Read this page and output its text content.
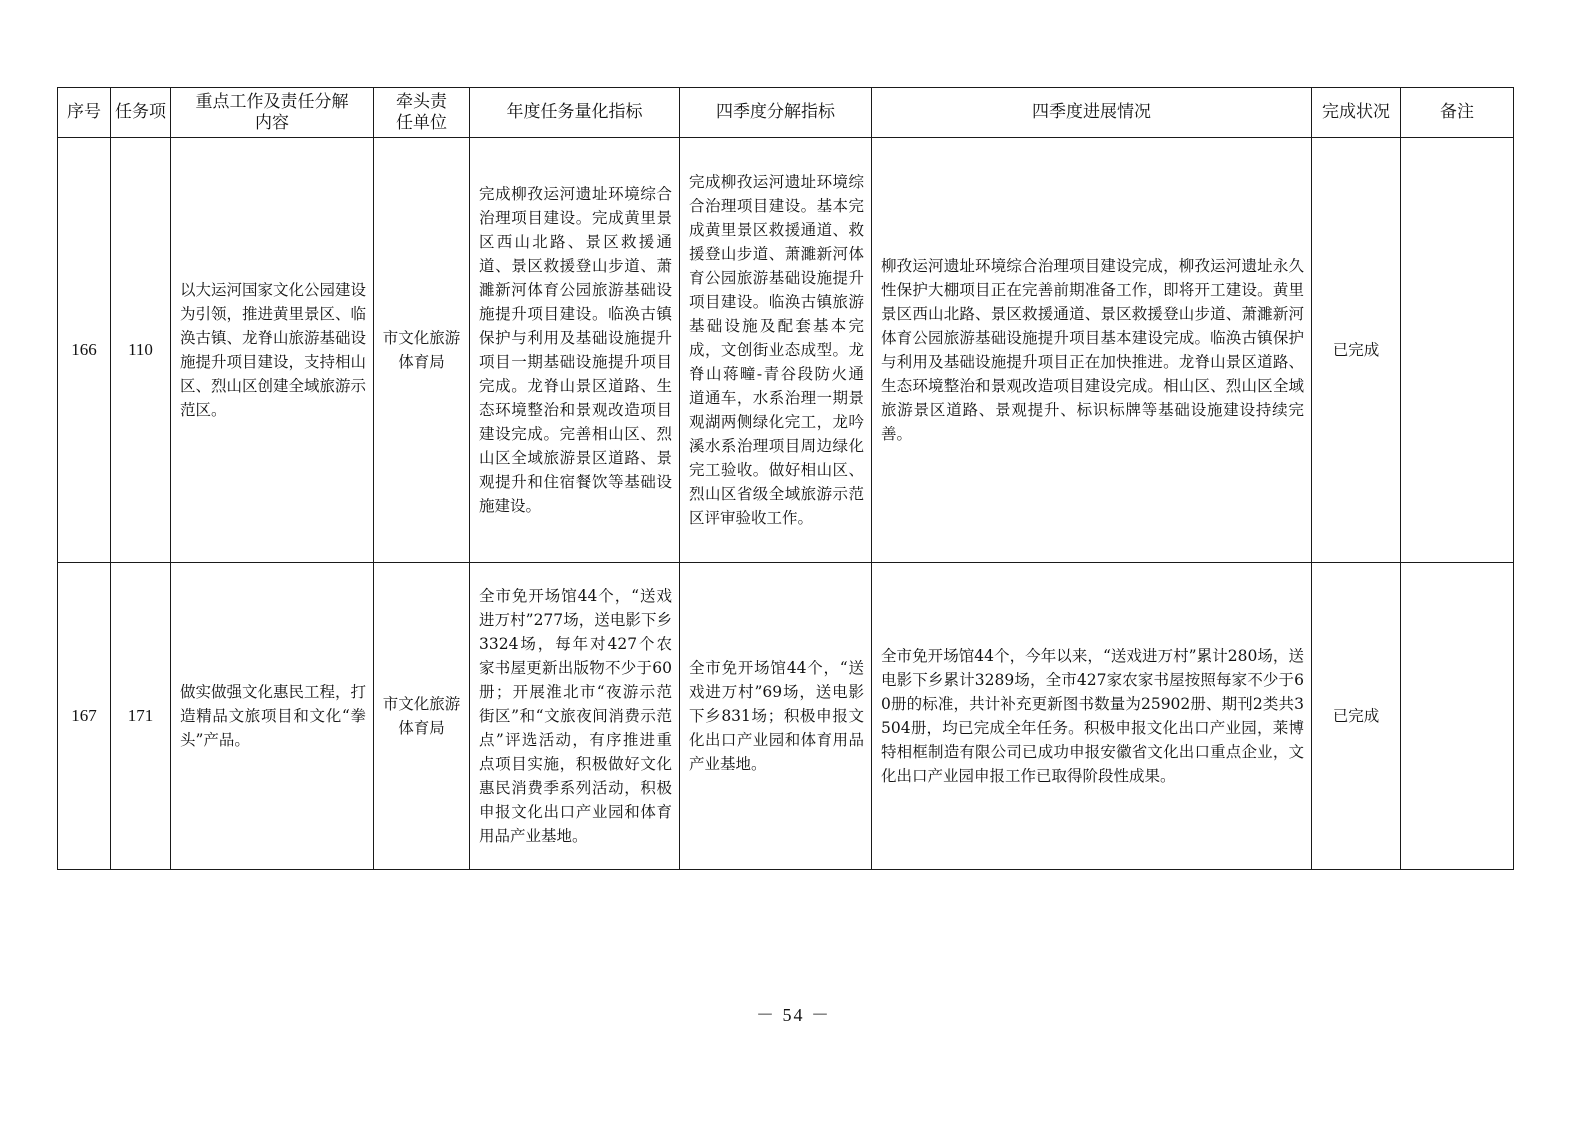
序号	任务项	重点工作及责任分解内容	牵头责任单位	年度任务量化指标	四季度分解指标	四季度进展情况	完成状况	备注
166	110	以大运河国家文化公园建设为引领，推进黄里景区、临涣古镇、龙脊山旅游基础设施提升项目建设，支持相山区、烈山区创建全域旅游示范区。	市文化旅游体育局	完成柳孜运河遗址环境综合治理项目建设。完成黄里景区西山北路、景区救援通道、景区救援登山步道、萧濉新河体育公园旅游基础设施提升项目建设。临涣古镇保护与利用及基础设施提升项目一期基础设施提升项目完成。龙脊山景区道路、生态环境整治和景观改造项目建设完成。完善相山区、烈山区全域旅游景区道路、景观提升和住宿餐饮等基础设施建设。	完成柳孜运河遗址环境综合治理项目建设。基本完成黄里景区救援通道、救援登山步道、萧濉新河体育公园旅游基础设施提升项目建设。临涣古镇旅游基础设施及配套基本完成，文创街业态成型。龙脊山蒋疃-青谷段防火通道通车，水系治理一期景观湖两侧绿化完工，龙吟溪水系治理项目周边绿化完工验收。做好相山区、烈山区省级全域旅游示范区评审验收工作。	柳孜运河遗址环境综合治理项目建设完成，柳孜运河遗址永久性保护大棚项目正在完善前期准备工作，即将开工建设。黄里景区西山北路、景区救援通道、景区救援登山步道、萧濉新河体育公园旅游基础设施提升项目基本建设完成。临涣古镇保护与利用及基础设施提升项目正在加快推进。龙脊山景区道路、生态环境整治和景观改造项目建设完成。相山区、烈山区全域旅游景区道路、景观提升、标识标牌等基础设施建设持续完善。	已完成	
167	171	做实做强文化惠民工程，打造精品文旅项目和文化“拳头”产品。	市文化旅游体育局	全市免开场馆44个，“送戏进万村”277场，送电影下乡3324场，每年对427个农家书屋更新出版物不少于60册；开展淮北市“夜游示范街区”和“文旅夜间消费示范点”评选活动，有序推进重点项目实施，积极做好文化惠民消费季系列活动，积极申报文化出口产业园和体育用品产业基地。	全市免开场馆44个，“送戏进万村”69场，送电影下乡831场；积极申报文化出口产业园和体育用品产业基地。	全市免开场馆44个，今年以来，“送戏进万村”累计280场，送电影下乡累计3289场，全市427家农家书屋按照每家不少于60册的标准，共计补充更新图书数量为25902册、期刊2类共3504册，均已完成全年任务。积极申报文化出口产业园，莱博特相框制造有限公司已成功申报安徽省文化出口重点企业，文化出口产业园申报工作已取得阶段性成果。	已完成	
－ 54 －
